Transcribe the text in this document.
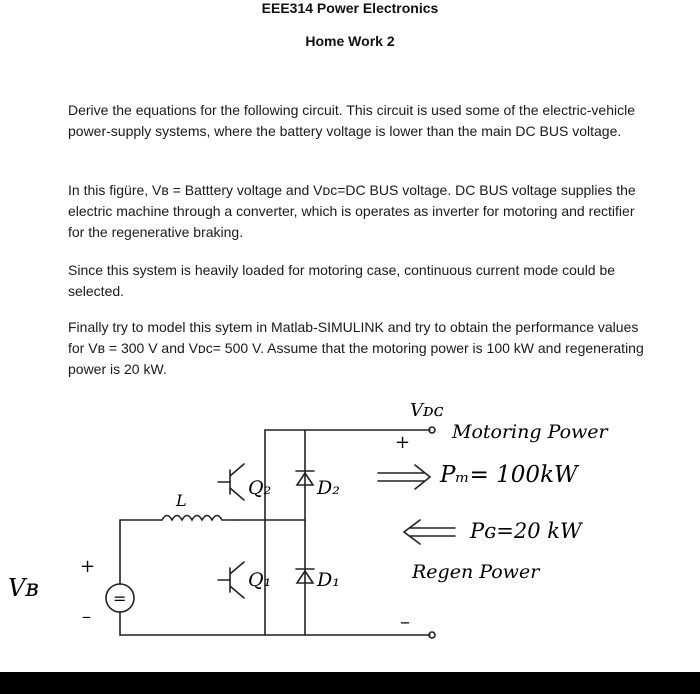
EEE314 Power Electronics
Home Work 2
Derive the equations for the following circuit. This circuit is used some of the electric-vehicle power-supply systems, where the battery voltage is lower than the main DC BUS voltage.
In this figüre, Vʙ = Batttery voltage and Vᴅᴄ=DC BUS voltage. DC BUS voltage supplies the electric machine through a converter, which is operates as inverter for motoring and rectifier for the regenerative braking.
Since this system is heavily loaded for motoring case, continuous current mode could be selected.
Finally try to model this sytem in Matlab-SIMULINK and try to obtain the performance values for Vʙ = 300 V and Vᴅᴄ= 500 V. Assume that the motoring power is 100 kW and regenerating power is 20 kW.
Vᴅᴄ
+
–
Motoring Power
Pₘ= 100kW
Pɢ=20 kW
Regen Power
Q₂ D₂
Q₁ D₁
L
Vʙ
+
–
=
